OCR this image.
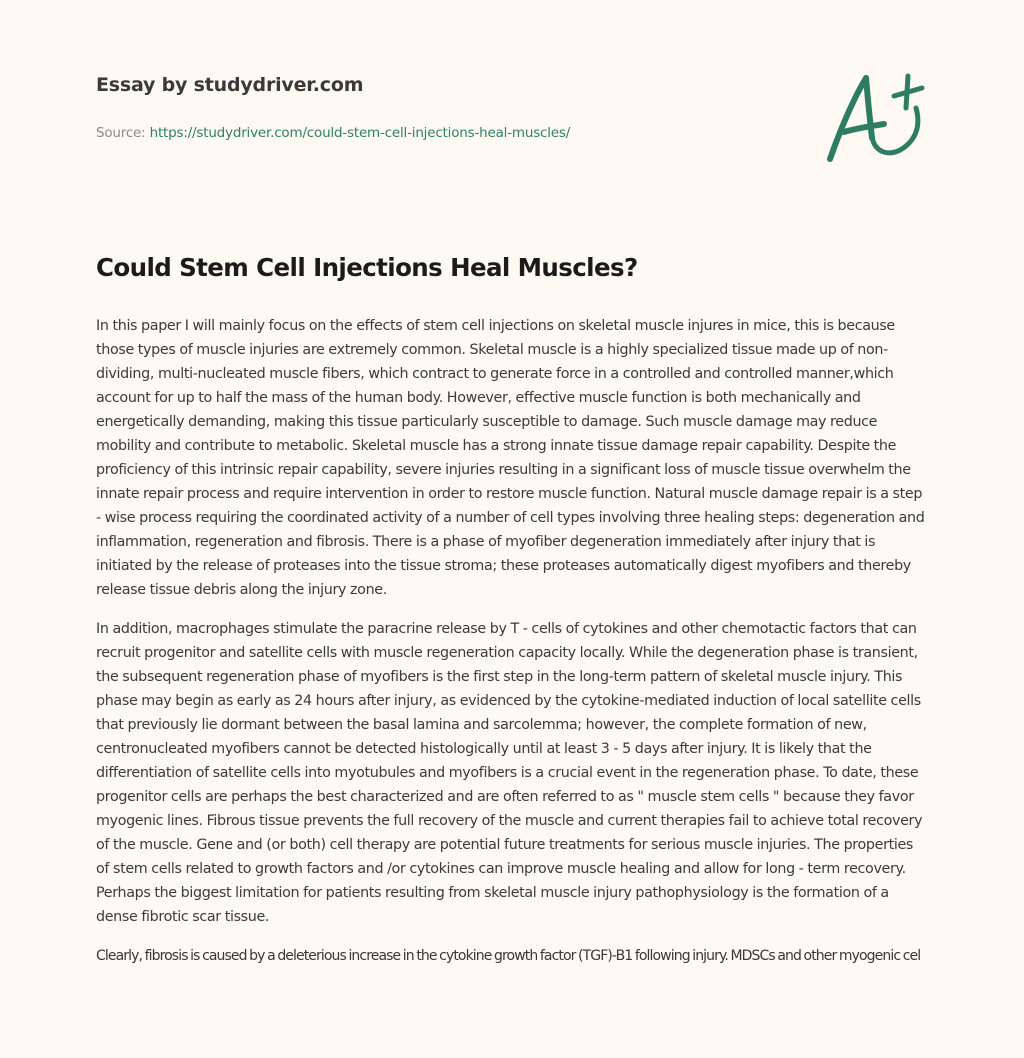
Essay by studydriver.com
Source: https://studydriver.com/could-stem-cell-injections-heal-muscles/
Could Stem Cell Injections Heal Muscles?

In this paper I will mainly focus on the effects of stem cell injections on skeletal muscle injures in mice, this is because those types of muscle injuries are extremely common. Skeletal muscle is a highly specialized tissue made up of non-dividing, multi-nucleated muscle fibers, which contract to generate force in a controlled and controlled manner,which account for up to half the mass of the human body. However, effective muscle function is both mechanically and energetically demanding, making this tissue particularly susceptible to damage. Such muscle damage may reduce mobility and contribute to metabolic. Skeletal muscle has a strong innate tissue damage repair capability. Despite the proficiency of this intrinsic repair capability, severe injuries resulting in a significant loss of muscle tissue overwhelm the innate repair process and require intervention in order to restore muscle function. Natural muscle damage repair is a step - wise process requiring the coordinated activity of a number of cell types involving three healing steps: degeneration and inflammation, regeneration and fibrosis. There is a phase of myofiber degeneration immediately after injury that is initiated by the release of proteases into the tissue stroma; these proteases automatically digest myofibers and thereby release tissue debris along the injury zone.

In addition, macrophages stimulate the paracrine release by T - cells of cytokines and other chemotactic factors that can recruit progenitor and satellite cells with muscle regeneration capacity locally. While the degeneration phase is transient, the subsequent regeneration phase of myofibers is the first step in the long-term pattern of skeletal muscle injury. This phase may begin as early as 24 hours after injury, as evidenced by the cytokine-mediated induction of local satellite cells that previously lie dormant between the basal lamina and sarcolemma; however, the complete formation of new, centronucleated myofibers cannot be detected histologically until at least 3 - 5 days after injury. It is likely that the differentiation of satellite cells into myotubules and myofibers is a crucial event in the regeneration phase. To date, these progenitor cells are perhaps the best characterized and are often referred to as " muscle stem cells " because they favor myogenic lines. Fibrous tissue prevents the full recovery of the muscle and current therapies fail to achieve total recovery of the muscle. Gene and (or both) cell therapy are potential future treatments for serious muscle injuries. The properties of stem cells related to growth factors and /or cytokines can improve muscle healing and allow for long - term recovery. Perhaps the biggest limitation for patients resulting from skeletal muscle injury pathophysiology is the formation of a dense fibrotic scar tissue.

Clearly, fibrosis is caused by a deleterious increase in the cytokine growth factor (TGF)-B1 following injury. MDSCs and other myogenic cel
